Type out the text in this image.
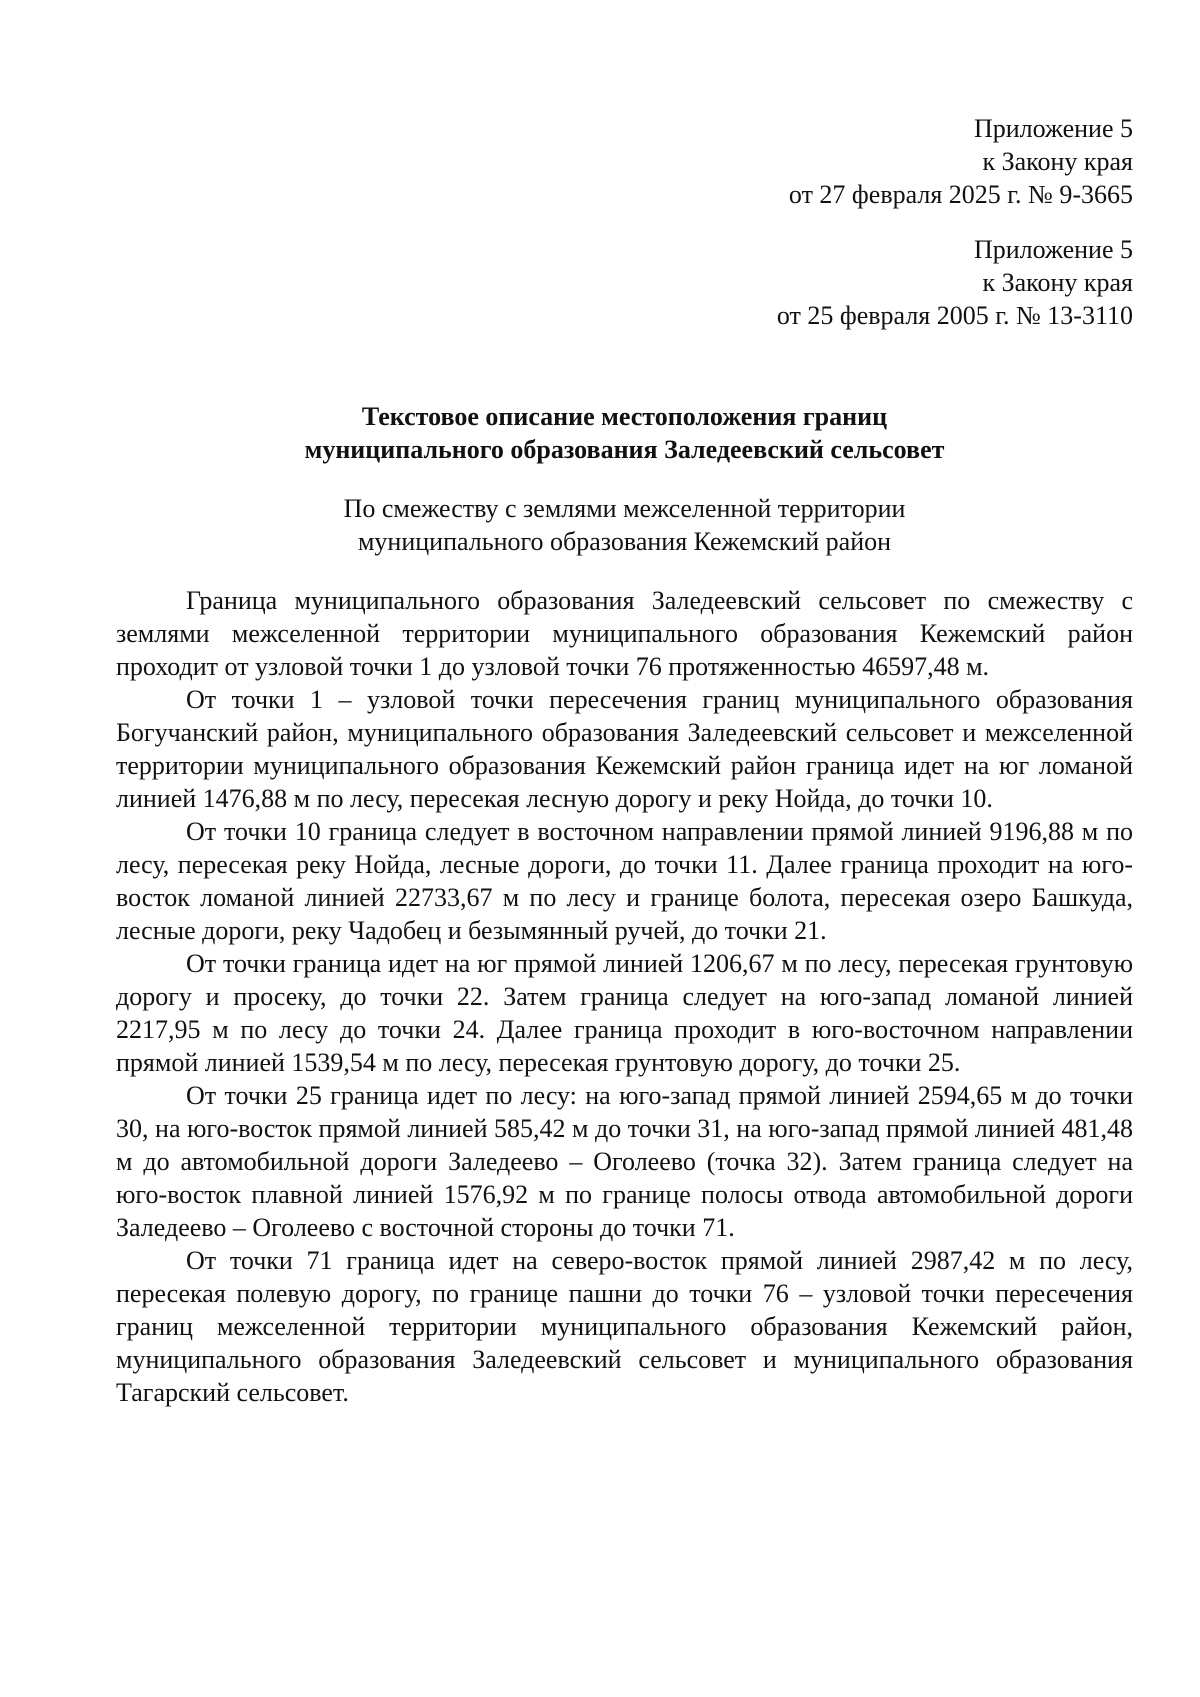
Приложение 5
к Закону края
от 27 февраля 2025 г. № 9-3665
Приложение 5
к Закону края
от 25 февраля 2005 г. № 13-3110
Текстовое описание местоположения границ
муниципального образования Заледеевский сельсовет
По смежеству с землями межселенной территории
муниципального образования Кежемский район

Граница муниципального образования Заледеевский сельсовет по смежеству с землями межселенной территории муниципального образования Кежемский район проходит от узловой точки 1 до узловой точки 76 протяженностью 46597,48 м.

От точки 1 – узловой точки пересечения границ муниципального образования Богучанский район, муниципального образования Заледеевский сельсовет и межселенной территории муниципального образования Кежемский район граница идет на юг ломаной линией 1476,88 м по лесу, пересекая лесную дорогу и реку Нойда, до точки 10.

От точки 10 граница следует в восточном направлении прямой линией 9196,88 м по лесу, пересекая реку Нойда, лесные дороги, до точки 11. Далее граница проходит на юго-восток ломаной линией 22733,67 м по лесу и границе болота, пересекая озеро Башкуда, лесные дороги, реку Чадобец и безымянный ручей, до точки 21.

От точки граница идет на юг прямой линией 1206,67 м по лесу, пересекая грунтовую дорогу и просеку, до точки 22. Затем граница следует на юго-запад ломаной линией 2217,95 м по лесу до точки 24. Далее граница проходит в юго-восточном направлении прямой линией 1539,54 м по лесу, пересекая грунтовую дорогу, до точки 25.

От точки 25 граница идет по лесу: на юго-запад прямой линией 2594,65 м до точки 30, на юго-восток прямой линией 585,42 м до точки 31, на юго-запад прямой линией 481,48 м до автомобильной дороги Заледеево – Оголеево (точка 32). Затем граница следует на юго-восток плавной линией 1576,92 м по границе полосы отвода автомобильной дороги Заледеево – Оголеево с восточной стороны до точки 71.

От точки 71 граница идет на северо-восток прямой линией 2987,42 м по лесу, пересекая полевую дорогу, по границе пашни до точки 76 – узловой точки пересечения границ межселенной территории муниципального образования Кежемский район, муниципального образования Заледеевский сельсовет и муниципального образования Тагарский сельсовет.
